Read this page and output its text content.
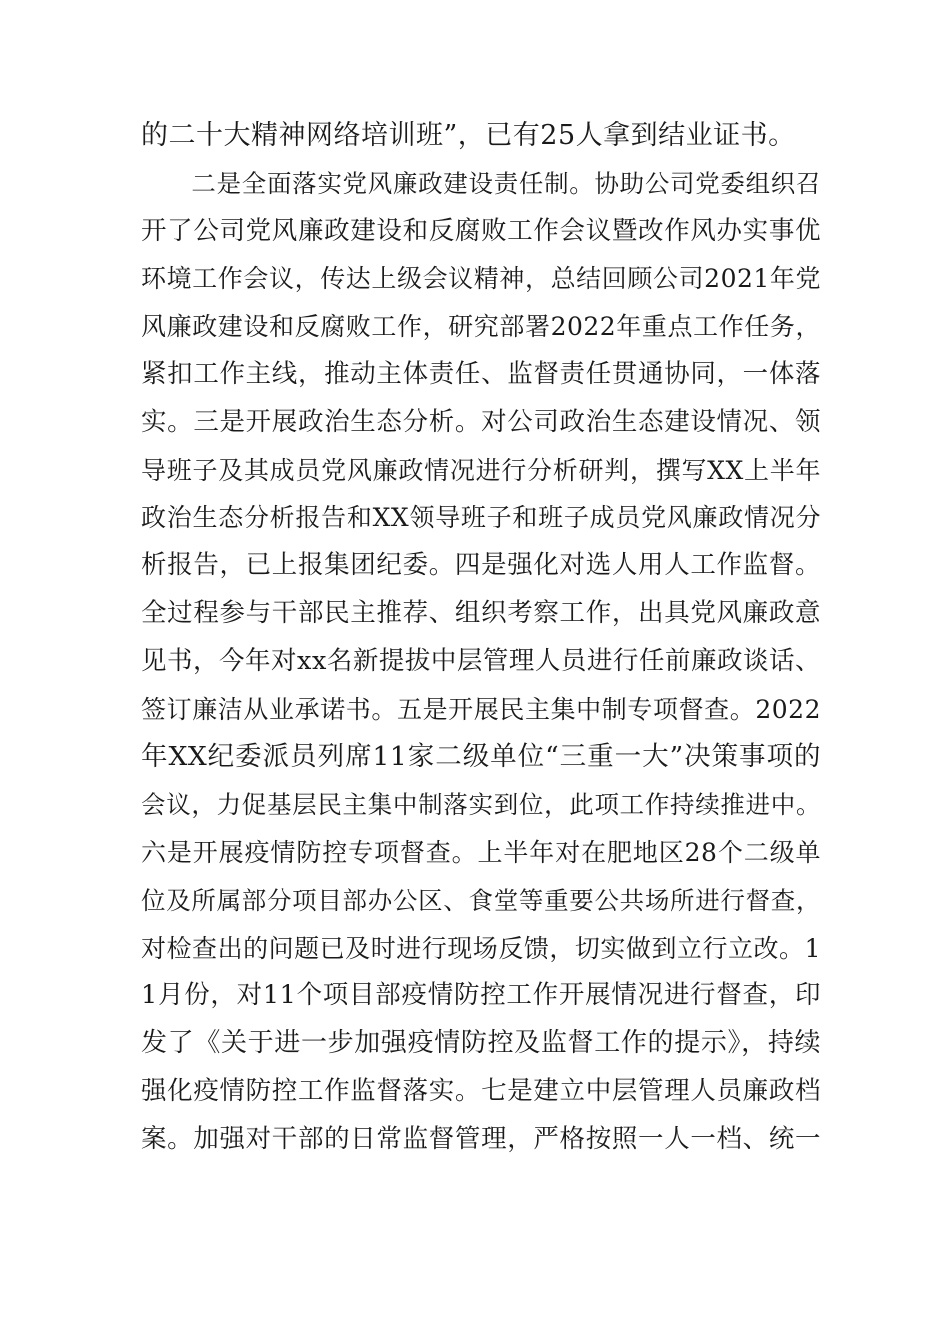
的二十大精神网络培训班”，已有25人拿到结业证书。
　　二是全面落实党风廉政建设责任制。协助公司党委组织召
开了公司党风廉政建设和反腐败工作会议暨改作风办实事优
环境工作会议，传达上级会议精神，总结回顾公司2021年党
风廉政建设和反腐败工作，研究部署2022年重点工作任务，
紧扣工作主线，推动主体责任、监督责任贯通协同，一体落
实。三是开展政治生态分析。对公司政治生态建设情况、领
导班子及其成员党风廉政情况进行分析研判，撰写XX上半年
政治生态分析报告和XX领导班子和班子成员党风廉政情况分
析报告，已上报集团纪委。四是强化对选人用人工作监督。
全过程参与干部民主推荐、组织考察工作，出具党风廉政意
见书，今年对xx名新提拔中层管理人员进行任前廉政谈话、
签订廉洁从业承诺书。五是开展民主集中制专项督查。2022
年XX纪委派员列席11家二级单位“三重一大”决策事项的
会议，力促基层民主集中制落实到位，此项工作持续推进中。
六是开展疫情防控专项督查。上半年对在肥地区28个二级单
位及所属部分项目部办公区、食堂等重要公共场所进行督查，
对检查出的问题已及时进行现场反馈，切实做到立行立改。1
1月份，对11个项目部疫情防控工作开展情况进行督查，印
发了《关于进一步加强疫情防控及监督工作的提示》，持续
强化疫情防控工作监督落实。七是建立中层管理人员廉政档
案。加强对干部的日常监督管理，严格按照一人一档、统一
